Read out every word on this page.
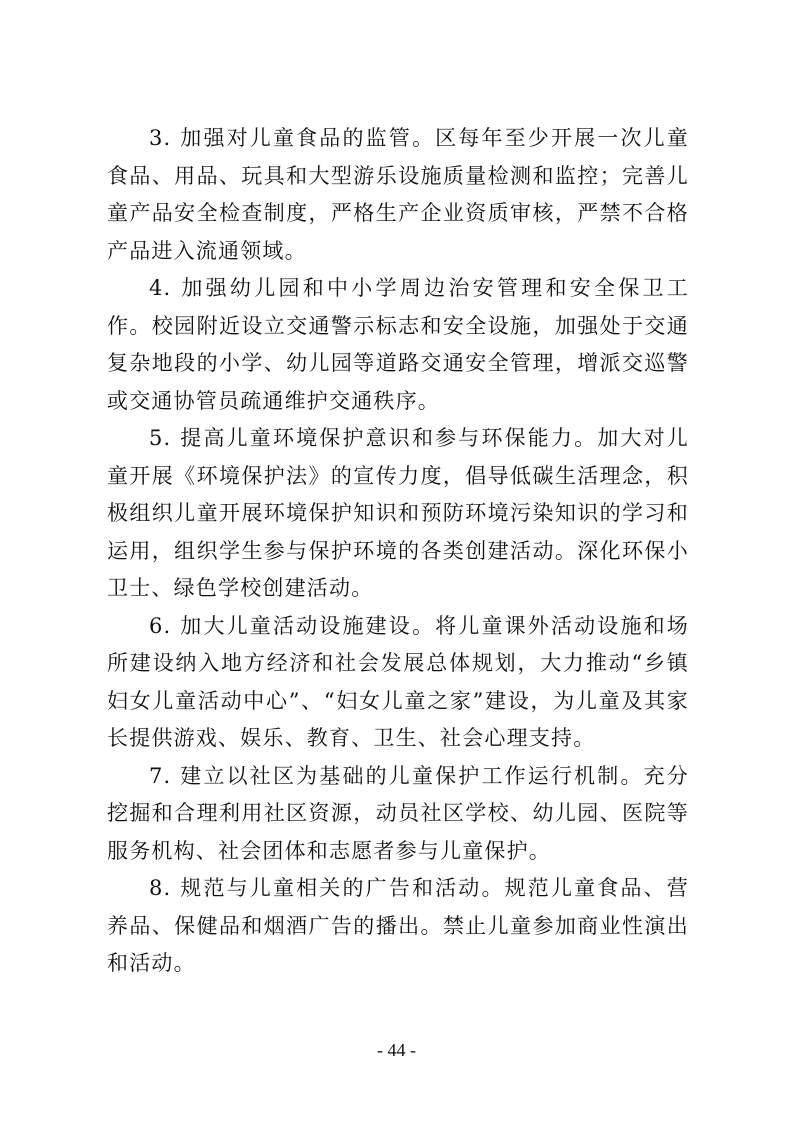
3. 加强对儿童食品的监管。区每年至少开展一次儿童食品、用品、玩具和大型游乐设施质量检测和监控；完善儿童产品安全检查制度，严格生产企业资质审核，严禁不合格产品进入流通领域。

4. 加强幼儿园和中小学周边治安管理和安全保卫工作。校园附近设立交通警示标志和安全设施，加强处于交通复杂地段的小学、幼儿园等道路交通安全管理，增派交巡警或交通协管员疏通维护交通秩序。

5. 提高儿童环境保护意识和参与环保能力。加大对儿童开展《环境保护法》的宣传力度，倡导低碳生活理念，积极组织儿童开展环境保护知识和预防环境污染知识的学习和运用，组织学生参与保护环境的各类创建活动。深化环保小卫士、绿色学校创建活动。

6. 加大儿童活动设施建设。将儿童课外活动设施和场所建设纳入地方经济和社会发展总体规划，大力推动“乡镇妇女儿童活动中心”、“妇女儿童之家”建设，为儿童及其家长提供游戏、娱乐、教育、卫生、社会心理支持。

7. 建立以社区为基础的儿童保护工作运行机制。充分挖掘和合理利用社区资源，动员社区学校、幼儿园、医院等服务机构、社会团体和志愿者参与儿童保护。

8. 规范与儿童相关的广告和活动。规范儿童食品、营养品、保健品和烟酒广告的播出。禁止儿童参加商业性演出和活动。

- 44 -
